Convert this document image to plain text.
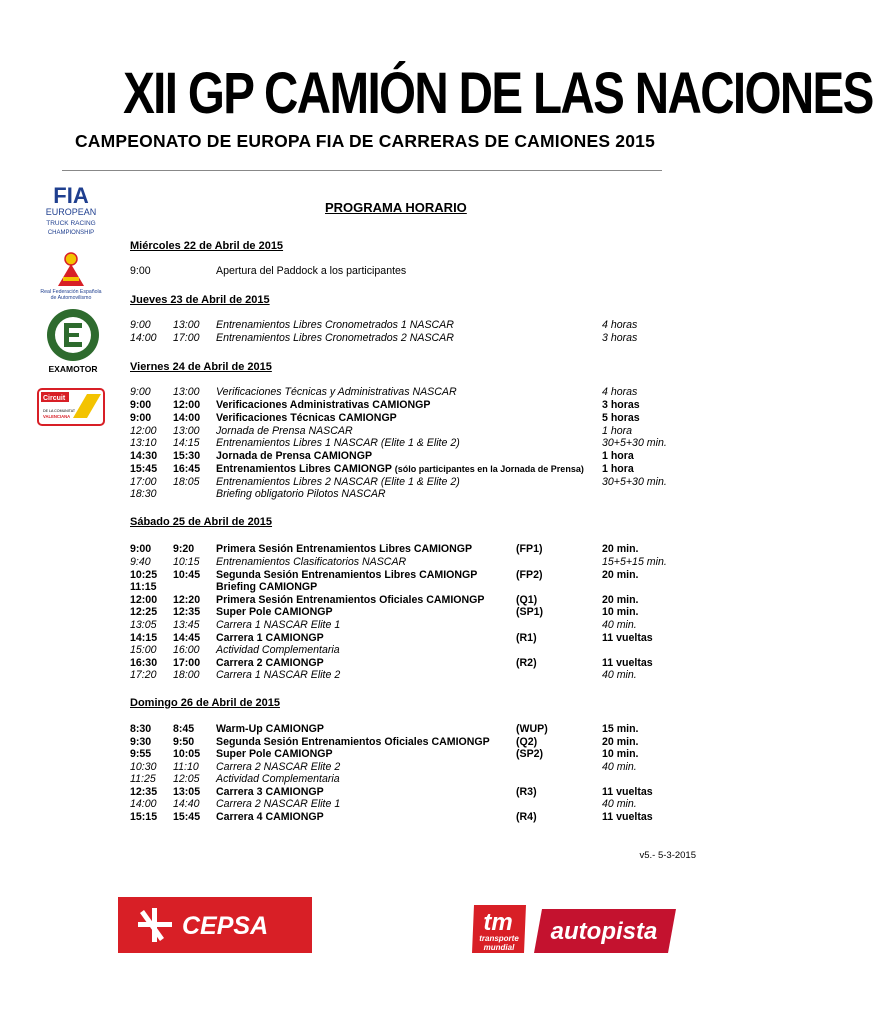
XII GP CAMIÓN DE LAS NACIONES
CAMPEONATO DE EUROPA FIA DE CARRERAS DE CAMIONES 2015
FIA
EUROPEAN
TRUCK RACING
CHAMPIONSHIP
Real Federación Española
de Automovilismo
EXAMOTOR
Circuit
DE LA COMUNITAT
VALENCIANA
PROGRAMA HORARIO
Miércoles 22 de Abril de 2015
Jueves 23 de Abril de 2015
Viernes 24 de Abril de 2015
Sábado 25 de Abril de 2015
Domingo 26 de Abril de 2015
9:00	Apertura del Paddock a los participantes
9:00 13:00 Entrenamientos Libres Cronometrados 1 NASCAR	4 horas
14:00 17:00 Entrenamientos Libres Cronometrados 2 NASCAR	3 horas
9:00 13:00 Verificaciones Técnicas y Administrativas NASCAR	4 horas
9:00 12:00 Verificaciones Administrativas CAMIONGP	3 horas
9:00 14:00 Verificaciones Técnicas CAMIONGP	5 horas
12:00 13:00 Jornada de Prensa NASCAR	1 hora
13:10 14:15 Entrenamientos Libres 1 NASCAR (Elite 1 & Elite 2)	30+5+30 min.
14:30 15:30 Jornada de Prensa CAMIONGP	1 hora
15:45 16:45 Entrenamientos Libres CAMIONGP (sólo participantes en la Jornada de Prensa) 1 hora
17:00 18:05 Entrenamientos Libres 2 NASCAR (Elite 1 & Elite 2)	30+5+30 min.
18:30	Briefing obligatorio Pilotos NASCAR
9:00 9:20 Primera Sesión Entrenamientos Libres CAMIONGP	(FP1)	20 min.
9:40 10:15 Entrenamientos Clasificatorios NASCAR	15+5+15 min.
10:25 10:45 Segunda Sesión Entrenamientos Libres CAMIONGP	(FP2)	20 min.
11:15	Briefing CAMIONGP
12:00 12:20 Primera Sesión Entrenamientos Oficiales CAMIONGP	(Q1)	20 min.
12:25 12:35 Super Pole CAMIONGP	(SP1)	10 min.
13:05 13:45 Carrera 1 NASCAR Elite 1	40 min.
14:15 14:45 Carrera 1 CAMIONGP	(R1)	11 vueltas
15:00 16:00 Actividad Complementaria
16:30 17:00 Carrera 2 CAMIONGP	(R2)	11 vueltas
17:20 18:00 Carrera 1 NASCAR Elite 2	40 min.
8:30 8:45 Warm-Up CAMIONGP	(WUP)	15 min.
9:30 9:50 Segunda Sesión Entrenamientos Oficiales CAMIONGP (Q2)	20 min.
9:55 10:05 Super Pole CAMIONGP	(SP2)	10 min.
10:30 11:10 Carrera 2 NASCAR Elite 2	40 min.
11:25 12:05 Actividad Complementaria
12:35 13:05 Carrera 3 CAMIONGP	(R3)	11 vueltas
14:00 14:40 Carrera 2 NASCAR Elite 1	40 min.
15:15 15:45 Carrera 4 CAMIONGP	(R4)	11 vueltas
v5.- 5-3-2015
CEPSA	tm
transporte
mundial
autopista
